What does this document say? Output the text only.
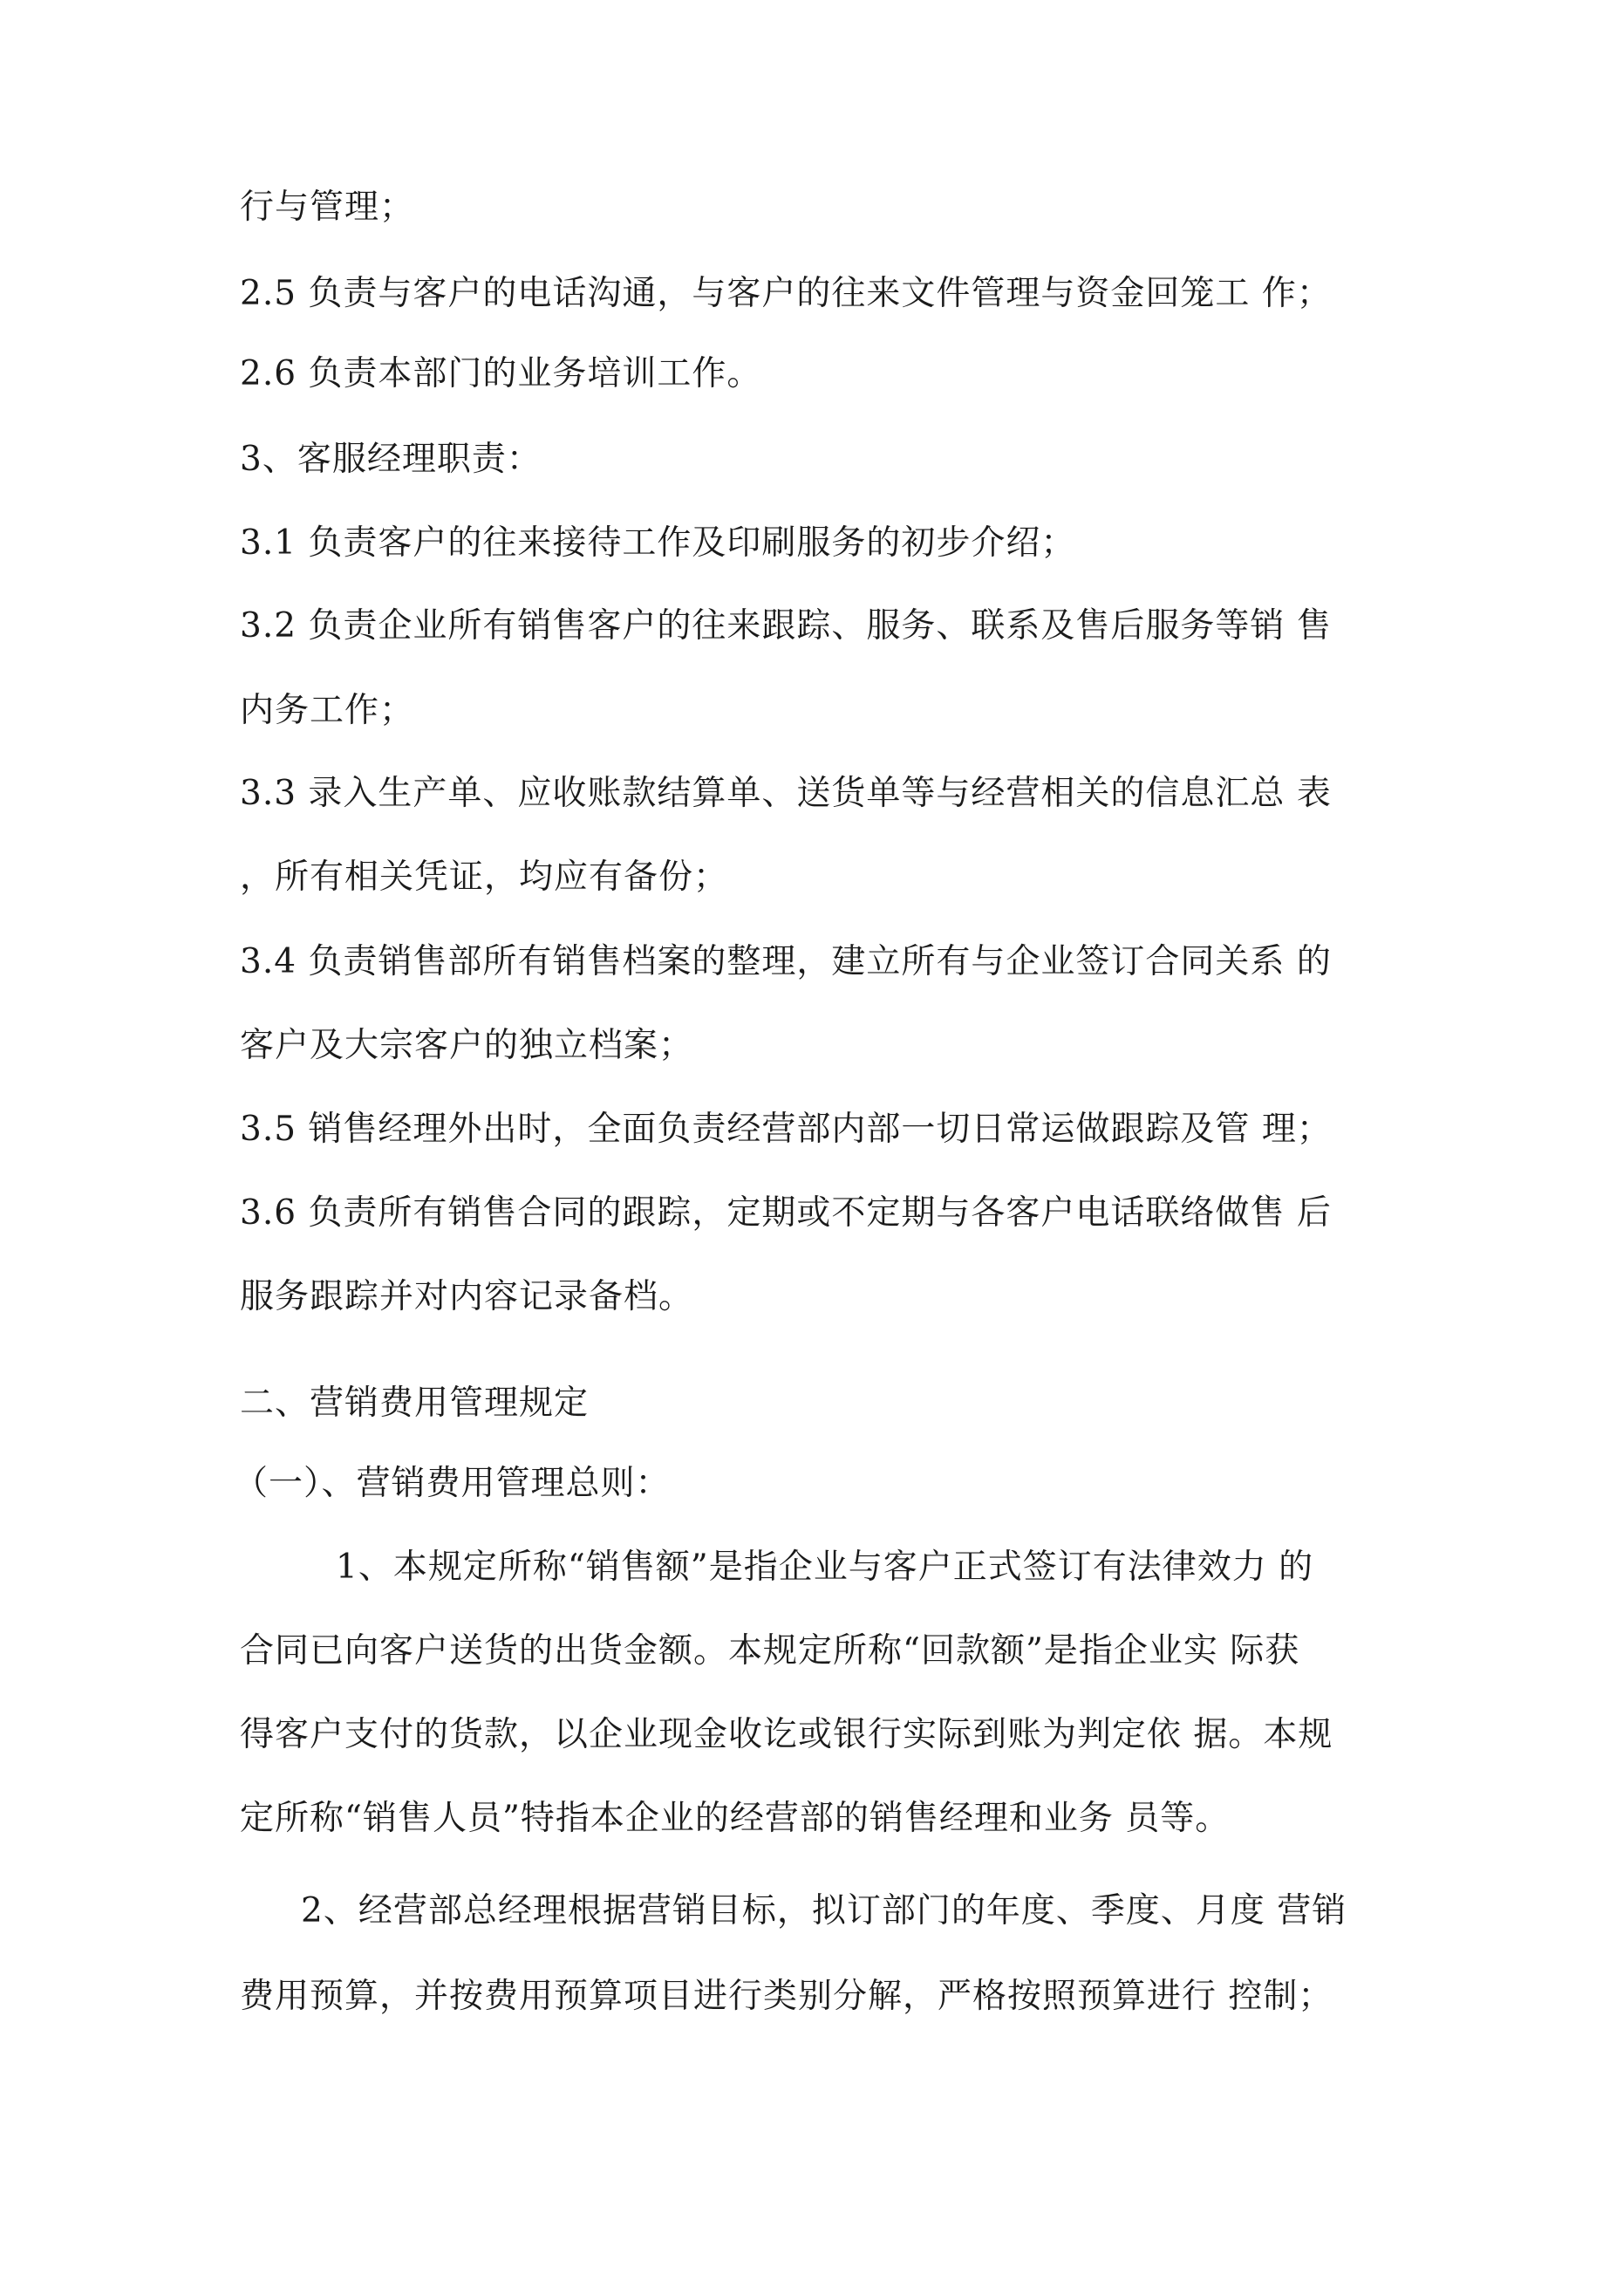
行与管理；

2.5 负责与客户的电话沟通，与客户的往来文件管理与资金回笼工 作；

2.6 负责本部门的业务培训工作。

3、客服经理职责：

3.1 负责客户的往来接待工作及印刷服务的初步介绍；

3.2 负责企业所有销售客户的往来跟踪、服务、联系及售后服务等销 售

内务工作；

3.3 录入生产单、应收账款结算单、送货单等与经营相关的信息汇总 表

，所有相关凭证，均应有备份；

3.4 负责销售部所有销售档案的整理，建立所有与企业签订合同关系 的

客户及大宗客户的独立档案；

3.5 销售经理外出时，全面负责经营部内部一切日常运做跟踪及管 理；

3.6 负责所有销售合同的跟踪，定期或不定期与各客户电话联络做售 后

服务跟踪并对内容记录备档。

二、营销费用管理规定

（一）、营销费用管理总则：

1、本规定所称“销售额”是指企业与客户正式签订有法律效力 的

合同已向客户送货的出货金额。本规定所称“回款额”是指企业实 际获

得客户支付的货款，以企业现金收讫或银行实际到账为判定依 据。本规

定所称“销售人员”特指本企业的经营部的销售经理和业务 员等。

2、经营部总经理根据营销目标，拟订部门的年度、季度、月度 营销

费用预算，并按费用预算项目进行类别分解，严格按照预算进行 控制；
